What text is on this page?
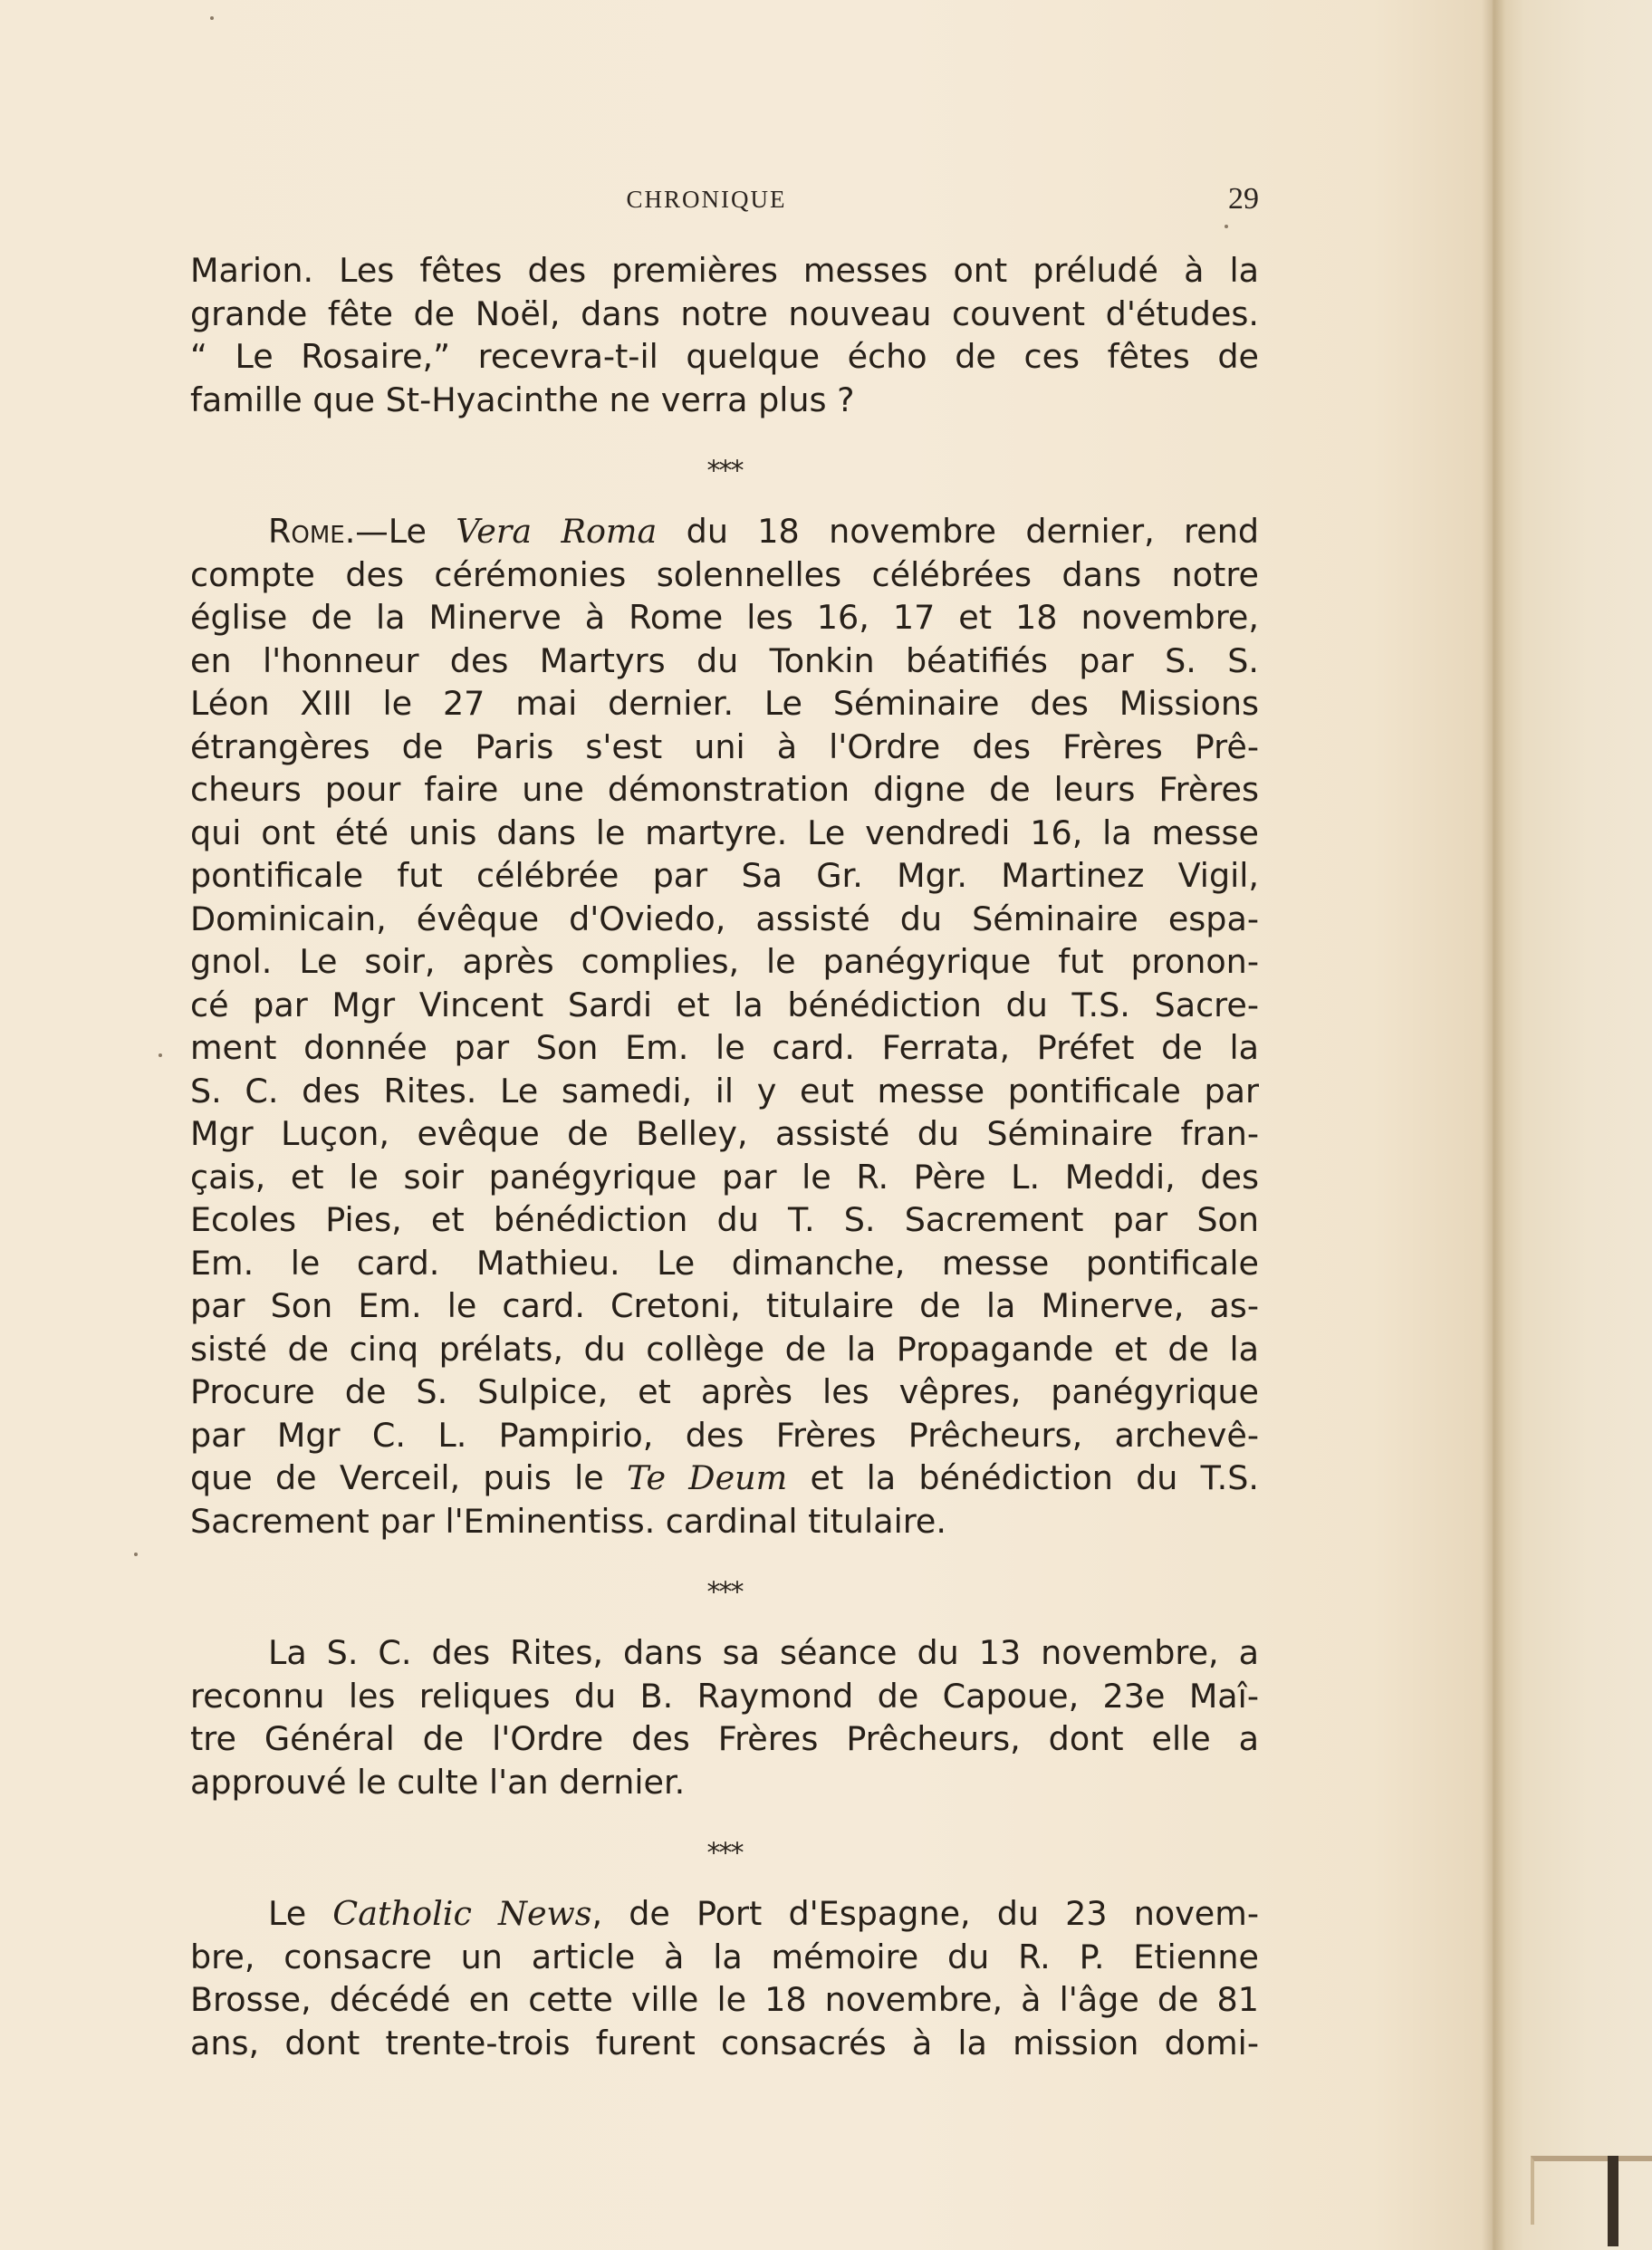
CHRONIQUE	29
Marion. Les fêtes des premières messes ont préludé à la
grande fête de Noël, dans notre nouveau couvent d'études.
“ Le Rosaire,” recevra-t-il quelque écho de ces fêtes de
famille que St-Hyacinthe ne verra plus ?
⁎⁎⁎
Rome.—Le Vera Roma du 18 novembre dernier, rend
compte des cérémonies solennelles célébrées dans notre
église de la Minerve à Rome les 16, 17 et 18 novembre,
en l'honneur des Martyrs du Tonkin béatifiés par S. S.
Léon XIII le 27 mai dernier. Le Séminaire des Missions
étrangères de Paris s'est uni à l'Ordre des Frères Prê-
cheurs pour faire une démonstration digne de leurs Frères
qui ont été unis dans le martyre. Le vendredi 16, la messe
pontificale fut célébrée par Sa Gr. Mgr. Martinez Vigil,
Dominicain, évêque d'Oviedo, assisté du Séminaire espa-
gnol. Le soir, après complies, le panégyrique fut pronon-
cé par Mgr Vincent Sardi et la bénédiction du T.S. Sacre-
ment donnée par Son Em. le card. Ferrata, Préfet de la
S. C. des Rites. Le samedi, il y eut messe pontificale par
Mgr Luçon, evêque de Belley, assisté du Séminaire fran-
çais, et le soir panégyrique par le R. Père L. Meddi, des
Ecoles Pies, et bénédiction du T. S. Sacrement par Son
Em. le card. Mathieu. Le dimanche, messe pontificale
par Son Em. le card. Cretoni, titulaire de la Minerve, as-
sisté de cinq prélats, du collège de la Propagande et de la
Procure de S. Sulpice, et après les vêpres, panégyrique
par Mgr C. L. Pampirio, des Frères Prêcheurs, archevê-
que de Verceil, puis le Te Deum et la bénédiction du T.S.
Sacrement par l'Eminentiss. cardinal titulaire.
⁎⁎⁎
La S. C. des Rites, dans sa séance du 13 novembre, a
reconnu les reliques du B. Raymond de Capoue, 23e Maî-
tre Général de l'Ordre des Frères Prêcheurs, dont elle a
approuvé le culte l'an dernier.
⁎⁎⁎
Le Catholic News, de Port d'Espagne, du 23 novem-
bre, consacre un article à la mémoire du R. P. Etienne
Brosse, décédé en cette ville le 18 novembre, à l'âge de 81
ans, dont trente-trois furent consacrés à la mission domi-
